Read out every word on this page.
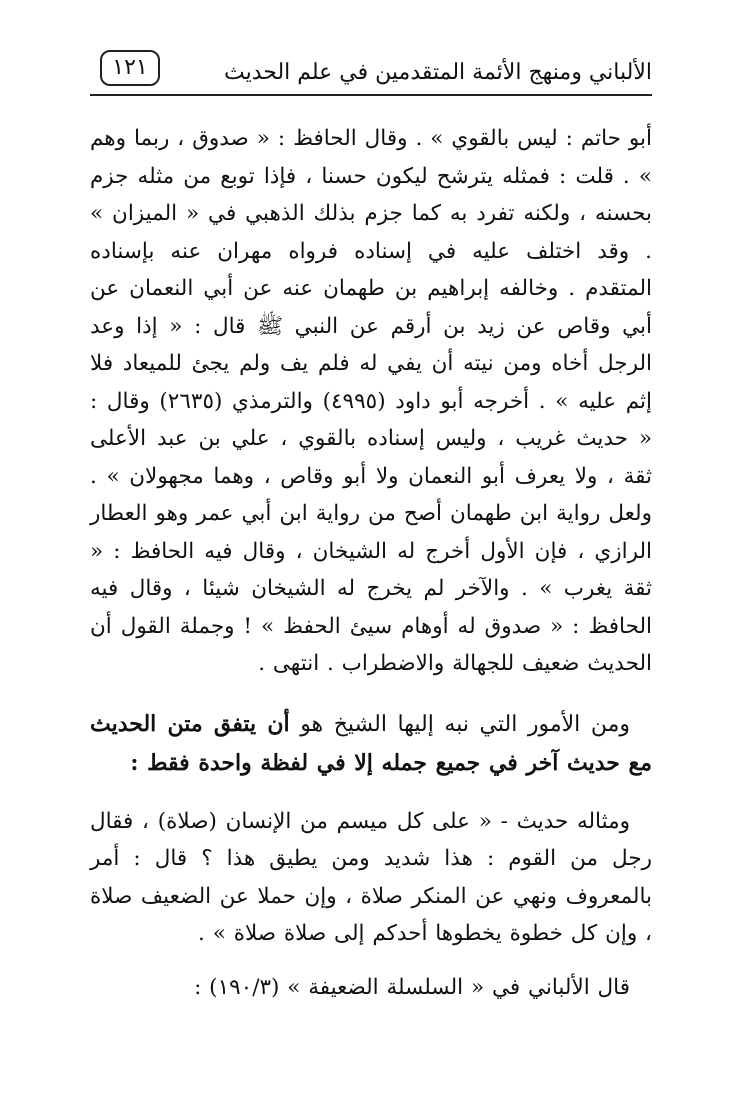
الألباني ومنهج الأئمة المتقدمين في علم الحديث
١٢١

أبو حاتم : ليس بالقوي » . وقال الحافظ : « صدوق ، ربما وهم » . قلت : فمثله يترشح ليكون حسنا ، فإذا توبع من مثله جزم بحسنه ، ولكنه تفرد به كما جزم بذلك الذهبي في « الميزان » . وقد اختلف عليه في إسناده فرواه مهران عنه بإسناده المتقدم . وخالفه إبراهيم بن طهمان عنه عن أبي النعمان عن أبي وقاص عن زيد بن أرقم عن النبي ﷺ قال : « إذا وعد الرجل أخاه ومن نيته أن يفي له فلم يف ولم يجئ للميعاد فلا إثم عليه » . أخرجه أبو داود (٤٩٩٥) والترمذي (٢٦٣٥) وقال : « حديث غريب ، وليس إسناده بالقوي ، علي بن عبد الأعلى ثقة ، ولا يعرف أبو النعمان ولا أبو وقاص ، وهما مجهولان » . ولعل رواية ابن طهمان أصح من رواية ابن أبي عمر وهو العطار الرازي ، فإن الأول أخرج له الشيخان ، وقال فيه الحافظ : « ثقة يغرب » . والآخر لم يخرج له الشيخان شيئا ، وقال فيه الحافظ : « صدوق له أوهام سيئ الحفظ » ! وجملة القول أن الحديث ضعيف للجهالة والاضطراب . انتهى .

ومن الأمور التي نبه إليها الشيخ هو أن يتفق متن الحديث مع حديث آخر في جميع جمله إلا في لفظة واحدة فقط :

ومثاله حديث - « على كل ميسم من الإنسان (صلاة) ، فقال رجل من القوم : هذا شديد ومن يطيق هذا ؟ قال : أمر بالمعروف ونهي عن المنكر صلاة ، وإن حملا عن الضعيف صلاة ، وإن كل خطوة يخطوها أحدكم إلى صلاة صلاة » .

قال الألباني في « السلسلة الضعيفة » (١٩٠/٣) :
